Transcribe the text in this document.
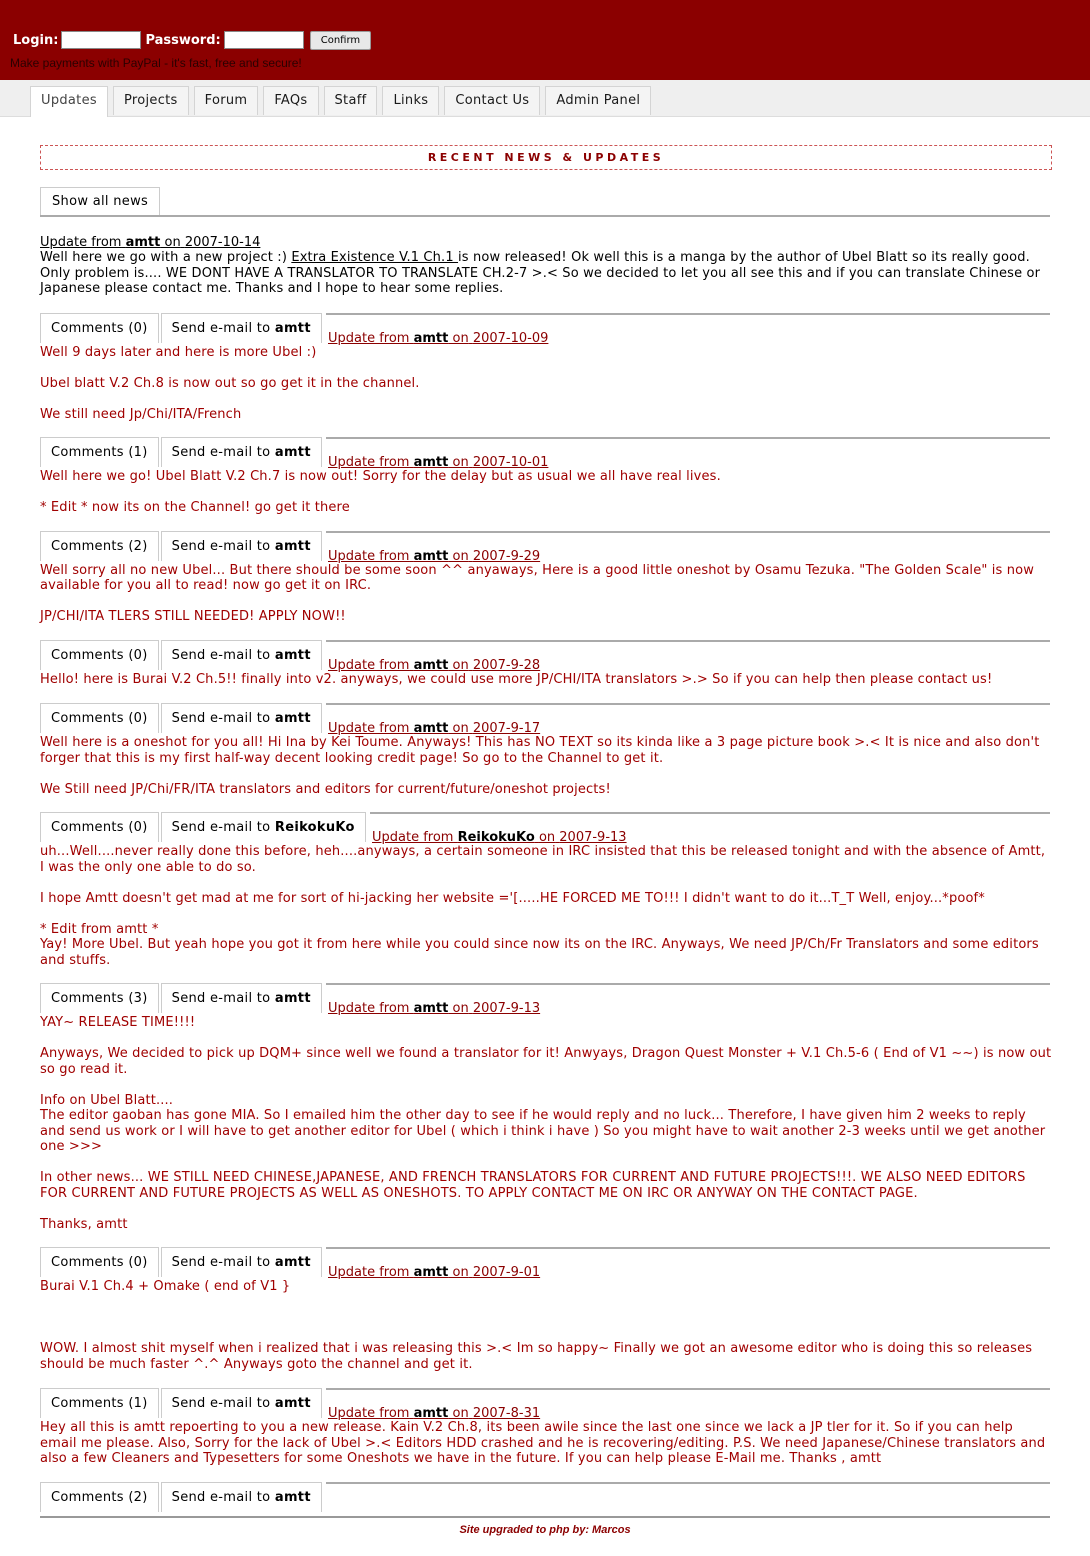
Login:	Password:	Confirm
Make payments with PayPal - it's fast, free and secure!
Updates	Projects	Forum	FAQs	Staff	Links	Contact Us	Admin Panel
RECENT NEWS & UPDATES
Show all news
Update from amtt on 2007-10-14
Well here we go with a new project :) Extra Existence V.1 Ch.1 is now released! Ok well this is a manga by the author of Ubel Blatt so its really good. Only problem is.... WE DONT HAVE A TRANSLATOR TO TRANSLATE CH.2-7 >.< So we decided to let you all see this and if you can translate Chinese or Japanese please contact me. Thanks and I hope to hear some replies.
Comments (0)	Send e-mail to amtt
Update from amtt on 2007-10-09

Well 9 days later and here is more Ubel :)

Ubel blatt V.2 Ch.8 is now out so go get it in the channel.

We still need Jp/Chi/ITA/French

Comments (1)	Send e-mail to amtt
Update from amtt on 2007-10-01

Well here we go! Ubel Blatt V.2 Ch.7 is now out! Sorry for the delay but as usual we all have real lives.

* Edit * now its on the Channel! go get it there

Comments (2)	Send e-mail to amtt
Update from amtt on 2007-9-29

Well sorry all no new Ubel... But there should be some soon ^^ anyaways, Here is a good little oneshot by Osamu Tezuka. "The Golden Scale" is now available for you all to read! now go get it on IRC.

JP/CHI/ITA TLERS STILL NEEDED! APPLY NOW!!

Comments (0)	Send e-mail to amtt
Update from amtt on 2007-9-28

Hello! here is Burai V.2 Ch.5!! finally into v2. anyways, we could use more JP/CHI/ITA translators >.> So if you can help then please contact us!

Comments (0)	Send e-mail to amtt
Update from amtt on 2007-9-17

Well here is a oneshot for you all! Hi Ina by Kei Toume. Anyways! This has NO TEXT so its kinda like a 3 page picture book >.< It is nice and also don't forger that this is my first half-way decent looking credit page! So go to the Channel to get it.

We Still need JP/Chi/FR/ITA translators and editors for current/future/oneshot projects!

Comments (0)	Send e-mail to ReikokuKo
Update from ReikokuKo on 2007-9-13

uh...Well....never really done this before, heh....anyways, a certain someone in IRC insisted that this be released tonight and with the absence of Amtt, I was the only one able to do so.

I hope Amtt doesn't get mad at me for sort of hi-jacking her website ='[.....HE FORCED ME TO!!! I didn't want to do it...T_T Well, enjoy...*poof*

* Edit from amtt *
Yay! More Ubel. But yeah hope you got it from here while you could since now its on the IRC. Anyways, We need JP/Ch/Fr Translators and some editors and stuffs.

Comments (3)	Send e-mail to amtt
Update from amtt on 2007-9-13

YAY~ RELEASE TIME!!!!

Anyways, We decided to pick up DQM+ since well we found a translator for it! Anwyays, Dragon Quest Monster + V.1 Ch.5-6 ( End of V1 ~~) is now out so go read it.

Info on Ubel Blatt....
The editor gaoban has gone MIA. So I emailed him the other day to see if he would reply and no luck... Therefore, I have given him 2 weeks to reply and send us work or I will have to get another editor for Ubel ( which i think i have ) So you might have to wait another 2-3 weeks until we get another one >>>

In other news... WE STILL NEED CHINESE,JAPANESE, AND FRENCH TRANSLATORS FOR CURRENT AND FUTURE PROJECTS!!!. WE ALSO NEED EDITORS FOR CURRENT AND FUTURE PROJECTS AS WELL AS ONESHOTS. TO APPLY CONTACT ME ON IRC OR ANYWAY ON THE CONTACT PAGE.

Thanks, amtt

Comments (0)	Send e-mail to amtt
Update from amtt on 2007-9-01

Burai V.1 Ch.4 + Omake ( end of V1 }

WOW. I almost shit myself when i realized that i was releasing this >.< Im so happy~ Finally we got an awesome editor who is doing this so releases should be much faster ^.^ Anyways goto the channel and get it.

Comments (1)	Send e-mail to amtt
Update from amtt on 2007-8-31

Hey all this is amtt repoerting to you a new release. Kain V.2 Ch.8, its been awile since the last one since we lack a JP tler for it. So if you can help email me please. Also, Sorry for the lack of Ubel >.< Editors HDD crashed and he is recovering/editing. P.S. We need Japanese/Chinese translators and also a few Cleaners and Typesetters for some Oneshots we have in the future. If you can help please E-Mail me. Thanks , amtt

Comments (2)	Send e-mail to amtt
Site upgraded to php by: Marcos
